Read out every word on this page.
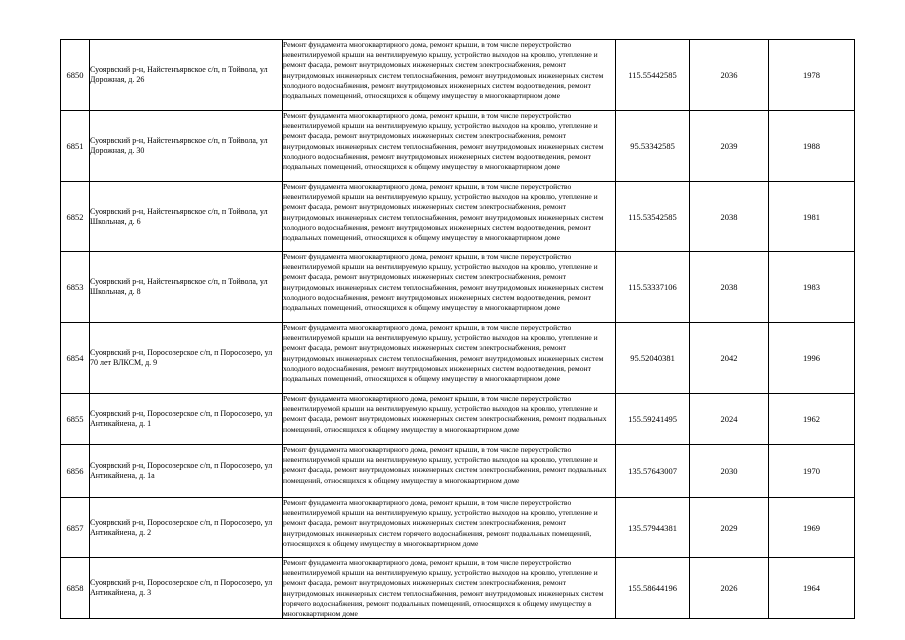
6850	Суоярвский р-н, Найстенъярвское с/п, п Тойвола, ул Дорожная, д. 26	Ремонт фундамента многоквартирного дома, ремонт крыши, в том числе переустройство невентилируемой крыши на вентилируемую крышу, устройство выходов на кровлю, утепление и ремонт фасада, ремонт внутридомовых инженерных систем электроснабжения, ремонт внутридомовых инженерных систем теплоснабжения, ремонт внутридомовых инженерных систем холодного водоснабжения, ремонт внутридомовых инженерных систем водоотведения, ремонт подвальных помещений, относящихся к общему имуществу в многоквартирном доме	115.55442585	2036	1978
6851	Суоярвский р-н, Найстенъярвское с/п, п Тойвола, ул Дорожная, д. 30	Ремонт фундамента многоквартирного дома, ремонт крыши, в том числе переустройство невентилируемой крыши на вентилируемую крышу, устройство выходов на кровлю, утепление и ремонт фасада, ремонт внутридомовых инженерных систем электроснабжения, ремонт внутридомовых инженерных систем теплоснабжения, ремонт внутридомовых инженерных систем холодного водоснабжения, ремонт внутридомовых инженерных систем водоотведения, ремонт подвальных помещений, относящихся к общему имуществу в многоквартирном доме	95.53342585	2039	1988
6852	Суоярвский р-н, Найстенъярвское с/п, п Тойвола, ул Школьная, д. 6	Ремонт фундамента многоквартирного дома, ремонт крыши, в том числе переустройство невентилируемой крыши на вентилируемую крышу, устройство выходов на кровлю, утепление и ремонт фасада, ремонт внутридомовых инженерных систем электроснабжения, ремонт внутридомовых инженерных систем теплоснабжения, ремонт внутридомовых инженерных систем холодного водоснабжения, ремонт внутридомовых инженерных систем водоотведения, ремонт подвальных помещений, относящихся к общему имуществу в многоквартирном доме	115.53542585	2038	1981
6853	Суоярвский р-н, Найстенъярвское с/п, п Тойвола, ул Школьная, д. 8	Ремонт фундамента многоквартирного дома, ремонт крыши, в том числе переустройство невентилируемой крыши на вентилируемую крышу, устройство выходов на кровлю, утепление и ремонт фасада, ремонт внутридомовых инженерных систем электроснабжения, ремонт внутридомовых инженерных систем теплоснабжения, ремонт внутридомовых инженерных систем холодного водоснабжения, ремонт внутридомовых инженерных систем водоотведения, ремонт подвальных помещений, относящихся к общему имуществу в многоквартирном доме	115.53337106	2038	1983
6854	Суоярвский р-н, Поросозерское с/п, п Поросозеро, ул 70 лет ВЛКСМ, д. 9	Ремонт фундамента многоквартирного дома, ремонт крыши, в том числе переустройство невентилируемой крыши на вентилируемую крышу, устройство выходов на кровлю, утепление и ремонт фасада, ремонт внутридомовых инженерных систем электроснабжения, ремонт внутридомовых инженерных систем теплоснабжения, ремонт внутридомовых инженерных систем холодного водоснабжения, ремонт внутридомовых инженерных систем водоотведения, ремонт подвальных помещений, относящихся к общему имуществу в многоквартирном доме	95.52040381	2042	1996
6855	Суоярвский р-н, Поросозерское с/п, п Поросозеро, ул Антикайнена, д. 1	Ремонт фундамента многоквартирного дома, ремонт крыши, в том числе переустройство невентилируемой крыши на вентилируемую крышу, устройство выходов на кровлю, утепление и ремонт фасада, ремонт внутридомовых инженерных систем электроснабжения, ремонт подвальных помещений, относящихся к общему имуществу в многоквартирном доме	155.59241495	2024	1962
6856	Суоярвский р-н, Поросозерское с/п, п Поросозеро, ул Антикайнена, д. 1а	Ремонт фундамента многоквартирного дома, ремонт крыши, в том числе переустройство невентилируемой крыши на вентилируемую крышу, устройство выходов на кровлю, утепление и ремонт фасада, ремонт внутридомовых инженерных систем электроснабжения, ремонт подвальных помещений, относящихся к общему имуществу в многоквартирном доме	135.57643007	2030	1970
6857	Суоярвский р-н, Поросозерское с/п, п Поросозеро, ул Антикайнена, д. 2	Ремонт фундамента многоквартирного дома, ремонт крыши, в том числе переустройство невентилируемой крыши на вентилируемую крышу, устройство выходов на кровлю, утепление и ремонт фасада, ремонт внутридомовых инженерных систем электроснабжения, ремонт внутридомовых инженерных систем горячего водоснабжения, ремонт подвальных помещений, относящихся к общему имуществу в многоквартирном доме	135.57944381	2029	1969
6858	Суоярвский р-н, Поросозерское с/п, п Поросозеро, ул Антикайнена, д. 3	Ремонт фундамента многоквартирного дома, ремонт крыши, в том числе переустройство невентилируемой крыши на вентилируемую крышу, устройство выходов на кровлю, утепление и ремонт фасада, ремонт внутридомовых инженерных систем электроснабжения, ремонт внутридомовых инженерных систем теплоснабжения, ремонт внутридомовых инженерных систем горячего водоснабжения, ремонт подвальных помещений, относящихся к общему имуществу в многоквартирном доме	155.58644196	2026	1964
